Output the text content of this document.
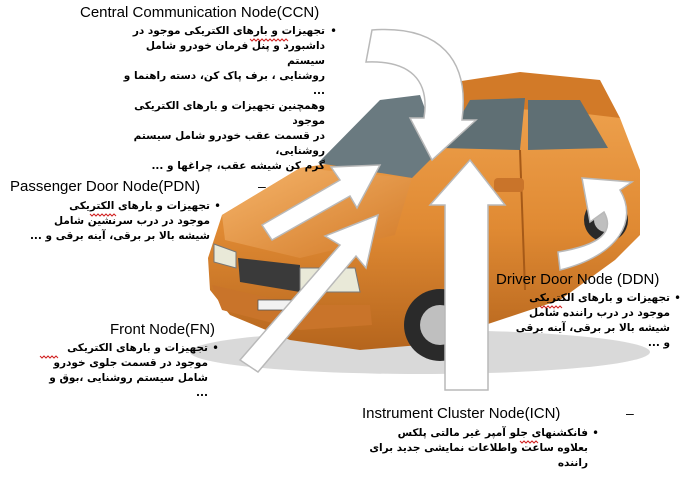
Central Communication Node(CCN)
•
تجهیزات و بارهای الکتریکی موجود در
داشبورد و پنل فرمان خودرو شامل سیستم
روشنایی ، برف پاک کن، دسته راهنما و ...
وهمچنین تجهیزات و بارهای الکتریکی موجود
در قسمت عقب خودرو شامل سیستم روشنایی،
گرم کن شیشه عقب، چراغها و ...
Passenger Door Node(PDN)	–
•
تجهیزات و بارهای الکتریکی
موجود در درب سرنشین شامل
شیشه بالا بر برقی، آینه برقی و ...
Driver Door Node (DDN)
•
تجهیزات و بارهای الکتریکی
موجود در درب راننده شامل
شیشه بالا بر برقی، آینه برقی
و ...
Front Node(FN)
•
تجهیزات و بارهای الکتریکی
موجود در قسمت جلوی خودرو
شامل سیستم روشنایی ،بوق و
...
Instrument Cluster Node(ICN)	–
•
فانکشنهای جلو آمپر غیر مالتی پلکس
بعلاوه ساعت واطلاعات نمایشی جدید برای
راننده
